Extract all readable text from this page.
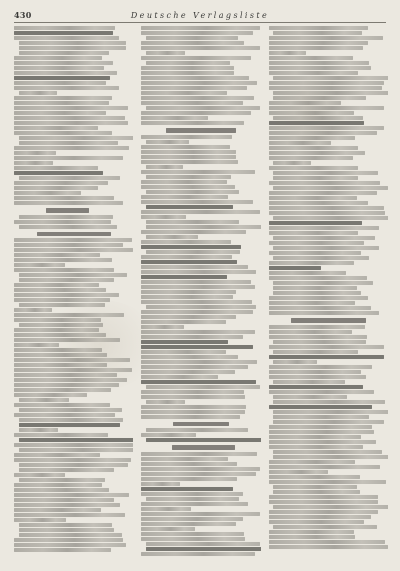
430	Deutsche Verlagsliste
